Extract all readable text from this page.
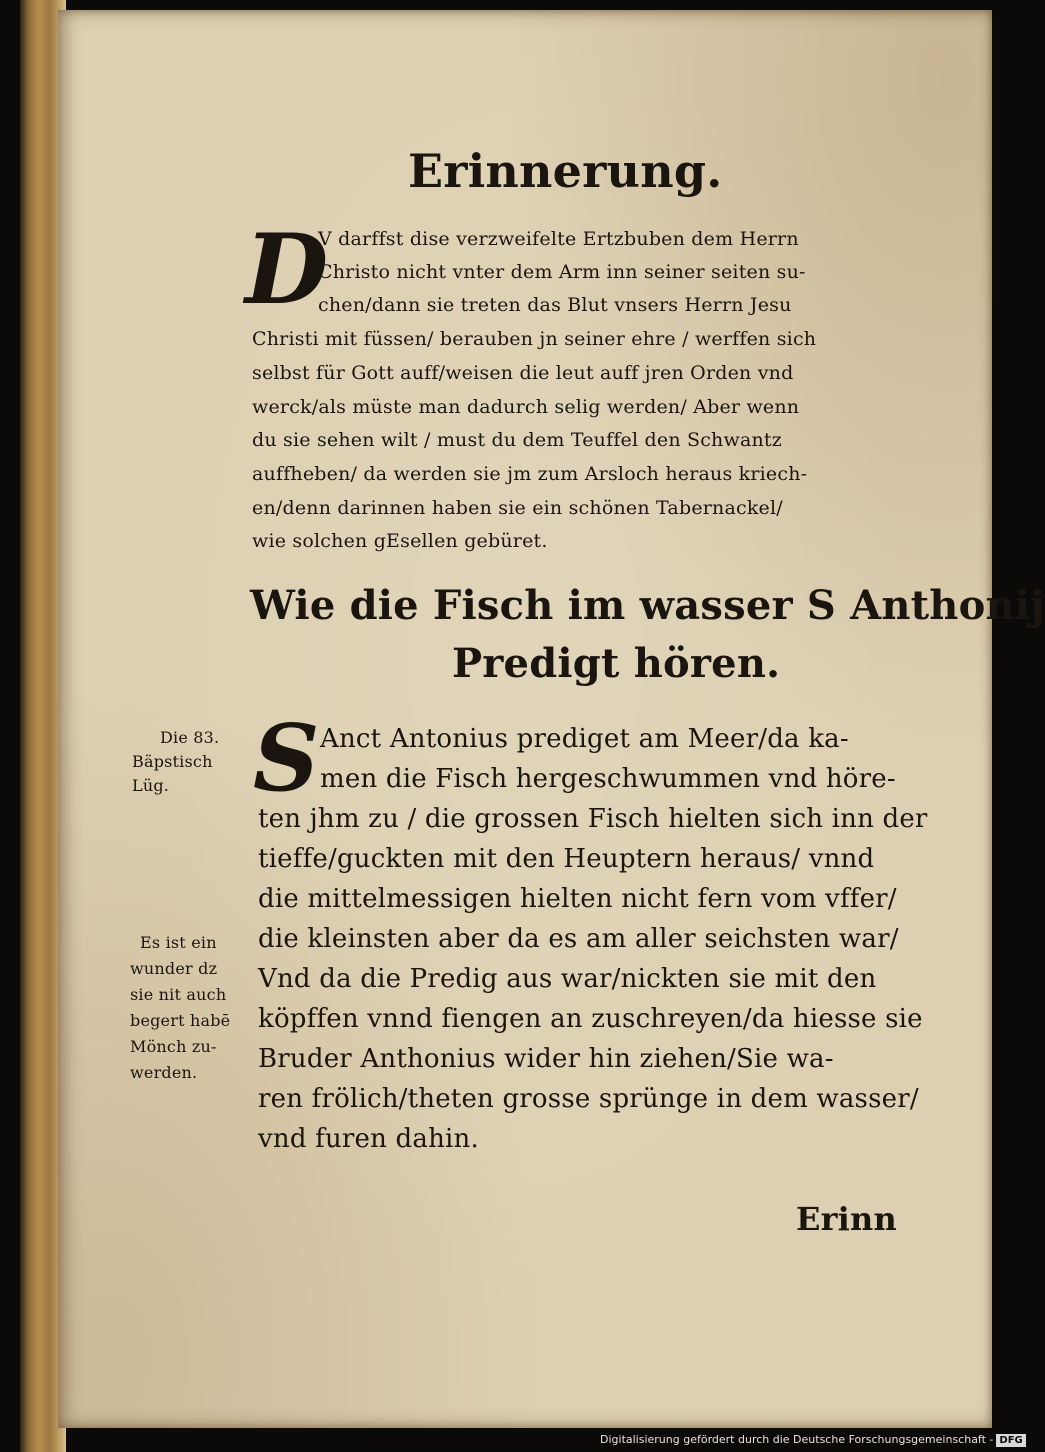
Erinnerung.
D
V darffst dise verzweifelte Ertzbuben dem Herrn
Christo nicht vnter dem Arm inn seiner seiten su-
chen/dann sie treten das Blut vnsers Herrn Jesu
Christi mit füssen/ berauben jn seiner ehre / werffen sich
selbst für Gott auff/weisen die leut auff jren Orden vnd
werck/als müste man dadurch selig werden/ Aber wenn
du sie sehen wilt / must du dem Teuffel den Schwantz
auffheben/ da werden sie jm zum Arsloch heraus kriech-
en/denn darinnen haben sie ein schönen Tabernackel/
wie solchen gEsellen gebüret.
Wie die Fisch im wasser S Anthonij
Predigt hören.
Die 83.
Bäpstisch
Lüg. S Anct Antonius prediget am Meer/da ka-
men die Fisch hergeschwummen vnd höre-
ten jhm zu / die grossen Fisch hielten sich inn der
tieffe/guckten mit den Heuptern heraus/ vnnd
die mittelmessigen hielten nicht fern vom vffer/
die kleinsten aber da es am aller seichsten war/
Vnd da die Predig aus war/nickten sie mit den
köpffen vnnd fiengen an zuschreyen/da hiesse sie
Bruder Anthonius wider hin ziehen/Sie wa-
ren frölich/theten grosse sprünge in dem wasser/
vnd furen dahin.
Es ist ein
wunder dz
sie nit auch
begert habē
Mönch zu-
werden.
Erinn
Digitalisierung gefördert durch die Deutsche Forschungsgemeinschaft - DFG
